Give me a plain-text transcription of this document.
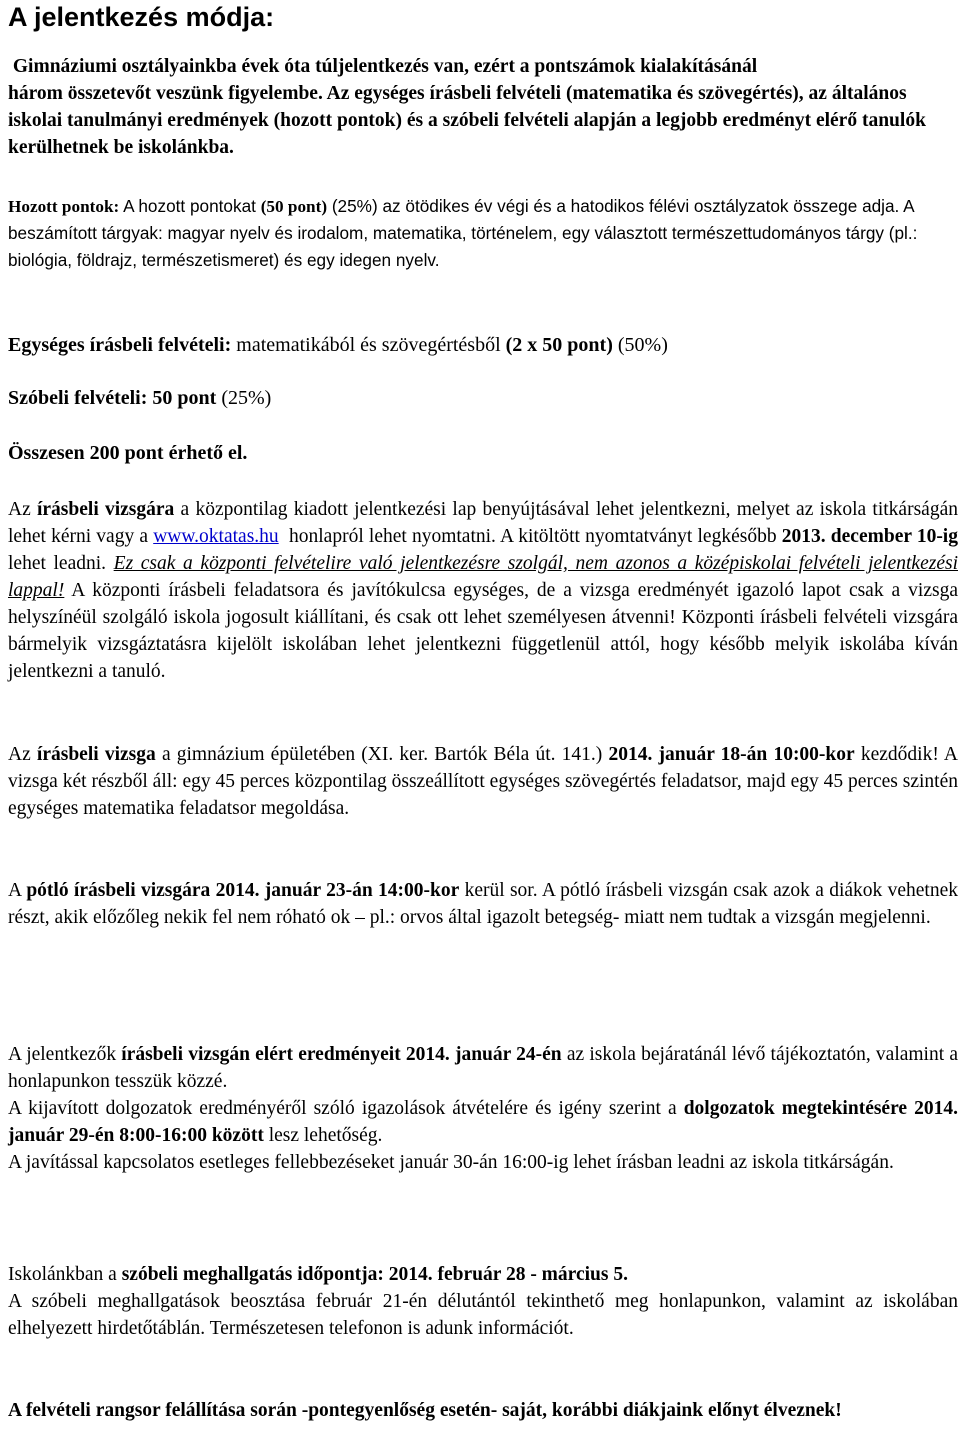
A jelentkezés módja:
Gimnáziumi osztályainkba évek óta túljelentkezés van, ezért a pontszámok kialakításánál
három összetevőt veszünk figyelembe. Az egységes írásbeli felvételi (matematika és szövegértés), az általános iskolai tanulmányi eredmények (hozott pontok) és a szóbeli felvételi alapján a legjobb eredményt elérő tanulók kerülhetnek be iskolánkba.
Hozott pontok: A hozott pontokat (50 pont) (25%) az ötödikes év végi és a hatodikos félévi osztályzatok összege adja. A beszámított tárgyak: magyar nyelv és irodalom, matematika, történelem, egy választott természettudományos tárgy (pl.: biológia, földrajz, természetismeret) és egy idegen nyelv.
Egységes írásbeli felvételi: matematikából és szövegértésből (2 x 50 pont) (50%)
Szóbeli felvételi: 50 pont (25%)
Összesen 200 pont érhető el.
Az írásbeli vizsgára a központilag kiadott jelentkezési lap benyújtásával lehet jelentkezni, melyet az iskola titkárságán lehet kérni vagy a www.oktatas.hu  honlapról lehet nyomtatni. A kitöltött nyomtatványt legkésőbb 2013. december 10-ig lehet leadni. Ez csak a központi felvételire való jelentkezésre szolgál, nem azonos a középiskolai felvételi jelentkezési lappal! A központi írásbeli feladatsora és javítókulcsa egységes, de a vizsga eredményét igazoló lapot csak a vizsga helyszínéül szolgáló iskola jogosult kiállítani, és csak ott lehet személyesen átvenni! Központi írásbeli felvételi vizsgára bármelyik vizsgáztatásra kijelölt iskolában lehet jelentkezni függetlenül attól, hogy később melyik iskolába kíván jelentkezni a tanuló.
Az írásbeli vizsga a gimnázium épületében (XI. ker. Bartók Béla út. 141.) 2014. január 18-án 10:00-kor kezdődik! A vizsga két részből áll: egy 45 perces központilag összeállított egységes szövegértés feladatsor, majd egy 45 perces szintén egységes matematika feladatsor megoldása.
A pótló írásbeli vizsgára 2014. január 23-án 14:00-kor kerül sor. A pótló írásbeli vizsgán csak azok a diákok vehetnek részt, akik előzőleg nekik fel nem róható ok – pl.: orvos által igazolt betegség- miatt nem tudtak a vizsgán megjelenni.
A jelentkezők írásbeli vizsgán elért eredményeit 2014. január 24-én az iskola bejáratánál lévő tájékoztatón, valamint a honlapunkon tesszük közzé.
A kijavított dolgozatok eredményéről szóló igazolások átvételére és igény szerint a dolgozatok megtekintésére 2014. január 29-én 8:00-16:00 között lesz lehetőség.
A javítással kapcsolatos esetleges fellebbezéseket január 30-án 16:00-ig lehet írásban leadni az iskola titkárságán.
Iskolánkban a szóbeli meghallgatás időpontja: 2014. február 28 - március 5.
A szóbeli meghallgatások beosztása február 21-én délutántól tekinthető meg honlapunkon, valamint az iskolában elhelyezett hirdetőtáblán. Természetesen telefonon is adunk információt.
A felvételi rangsor felállítása során -pontegyenlőség esetén- saját, korábbi diákjaink előnyt élveznek!
